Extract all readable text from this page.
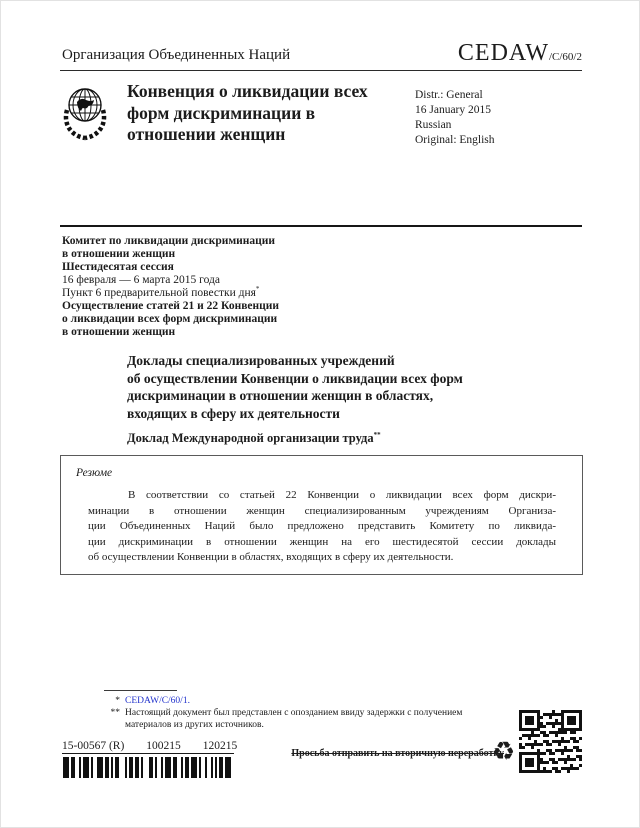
Организация Объединенных Наций	CEDAW/C/60/2
Конвенция о ликвидации всех
форм дискриминации в
отношении женщин
Distr.: General
16 January 2015
Russian
Original: English
Комитет по ликвидации дискриминации
в отношении женщин
Шестидесятая сессия
16 февраля — 6 марта 2015 года
Пункт 6 предварительной повестки дня*
Осуществление статей 21 и 22 Конвенции
о ликвидации всех форм дискриминации
в отношении женщин
Доклады специализированных учреждений
об осуществлении Конвенции о ликвидации всех форм
дискриминации в отношении женщин в областях,
входящих в сферу их деятельности
Доклад Международной организации труда**
Резюме
В соответствии со статьей 22 Конвенции о ликвидации всех форм дискри-
минации в отношении женщин специализированным учреждениям Организа-
ции Объединенных Наций было предложено представить Комитету по ликвида-
ции дискриминации в отношении женщин на его шестидесятой сессии доклады
об осуществлении Конвенции в областях, входящих в сферу их деятельности.
* CEDAW/C/60/1.
** Настоящий документ был представлен с опозданием ввиду задержки с получением
материалов из других источников.
15-00567 (R) 100215 120215
Просьба отправить на вторичную переработку
♻
